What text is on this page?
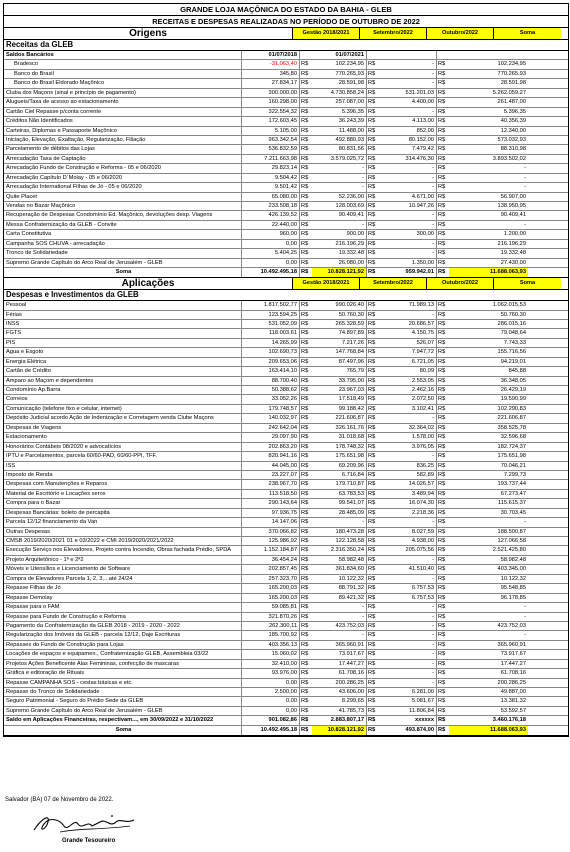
GRANDE LOJA MAÇÔNICA DO ESTADO DA BAHIA - GLEB
RECEITAS E DESPESAS REALIZADAS NO PERÍODO DE OUTUBRO DE 2022
Origens	Gestão 2018/2021	Setembro/2022	Outubro/2022	Soma
Receitas da GLEB
Saldos Bancários	01/07/2018	01/07/2021
Bradesco	-31.063,40 R$	102.234,95 R$	- R$	102.234,95
Banco do Brasil	345,80 R$	770.265,93 R$	- R$	770.265,93
Banco do Brasil Eldorado Maçônico	27.834,17 R$	28.591,98 R$	- R$	28.591,98
Cluba dos Maçons (sinal e princípio de pagamento)	300.000,00 R$	4.730.858,24 R$	531.201,03 R$	5.262.059,27
Alugueis/Taxa de acesso ao estacionamento	160.298,00 R$	257.087,00 R$	4.400,00 R$	261.487,00
Cartão Ciel Repasse p/conta corrente	322.554,32 R$	5.396,35 R$	- R$	5.396,35
Créditos Não Identificados	172.603,45 R$	36.243,39 R$	4.113,00 R$	40.356,39
Carteiras, Diplomas e Passaporte Maçônico	5.105,00 R$	11.488,00 R$	852,00 R$	12.340,00
Iniciação, Elevação, Exaltação, Regularização, Filiação	963.342,54 R$	492.880,93 R$	80.152,00 R$	573.032,93
Parcelamento de débitos das Lojas	536.832,59 R$	80.831,56 R$	7.479,42 R$	88.310,98
Arrecadação Taxa de Captação	7.211.663,98 R$	3.579.025,72 R$	314.476,30 R$	3.893.502,02
Arrecadação Fundo de Construção e Reforma - 05 e 06/2020	29.823,14 R$	- R$	- R$	-
Arrecadação Capítulo D´Molay - 05 e 06/2020	9.504,42 R$	- R$	- R$	-
Arrecadação International Filhas de Jó - 05 e 06/2020	9.501,42 R$	- R$	- R$	-
Quite Placet	65.080,00 R$	52.236,00 R$	4.671,00 R$	56.907,00
Vendas no Bazar Maçônico	233.508,18 R$	128.003,69 R$	10.947,26 R$	138.950,95
Recuperação de Despesas Condomínio Ed. Maçônico, devoluções desp. Viagens	426.139,52 R$	90.409,41 R$	- R$	90.409,41
Messa Confraternização da GLEB - Convite	22.440,00 R$	- R$	- R$	-
Carta Constitutiva	960,00 R$	900,00 R$	300,00 R$	1.200,00
Campanha SOS CHUVA - arrecadação	0,00 R$	216.196,29 R$	- R$	216.196,29
Tronco de Solidariedade	5.404,25 R$	19.332,48 R$	- R$	19.332,48
Supremo Grande Capítulo do Arco Real de Jerusalém - GLEB	0,00 R$	26.080,00 R$	1.350,00 R$	27.430,00
Soma	10.492.495,18 R$	10.828.121,92 R$	959.942,01 R$	11.688.063,93
Aplicações	Gestão 2018/2021	Setembro/2022	Outubro/2022	Soma
Despesas e Investimentos da GLEB
Pessoal	1.817.502,77 R$	990.026,40 R$	71.989,13 R$	1.062.015,53
Férias	123.594,25 R$	50.760,30 R$	- R$	50.760,30
INSS	531.052,09 R$	265.328,59 R$	20.686,57 R$	286.015,16
FGTS	118.003,61 R$	74.897,89 R$	4.150,75 R$	79.048,64
PIS	14.265,99 R$	7.217,26 R$	526,07 R$	7.743,33
Agua e Esgoto	102.690,73 R$	147.768,84 R$	7.947,72 R$	155.716,56
Energia Elétrica	209.653,06 R$	87.497,96 R$	6.721,05 R$	94.219,01
Cartão de Crédito	163.414,10 R$	765,79 R$	80,09 R$	845,88
Amparo ao Maçom e dependentes	88.700,40 R$	33.795,00 R$	2.553,05 R$	36.348,05
Condomínio Ap.Barra	50.388,62 R$	23.967,03 R$	2.462,16 R$	26.429,19
Correios	33.052,26 R$	17.518,49 R$	2.072,50 R$	19.590,99
Comunicação (telefone fixo e celular, internet)	179.748,57 R$	99.188,42 R$	3.102,41 R$	102.290,83
Depósito Judicial acordo Ação de Indenização e Corretagem venda Clube Maçons	140.032,97 R$	221.606,87 R$	- R$	221.606,87
Despesas de Viagens	242.642,04 R$	326.161,76 R$	32.364,02 R$	358.525,78
Estacionamento	29.097,90 R$	31.018,68 R$	1.578,00 R$	32.596,68
Honorários Contábeis 08/2020 e advocatícios	202.863,20 R$	178.748,32 R$	3.976,05 R$	182.724,37
IPTU e Parcelamentos, parcela 60/60-PAD, 60/60-PPI, TFF.	820.941,16 R$	175.651,98 R$	- R$	175.651,98
ISS	44.045,00 R$	69.209,96 R$	836,25 R$	70.046,21
Imposto de Renda	23.227,07 R$	6.716,84 R$	582,89 R$	7.299,73
Despesas com Manutenções e Reparos	238.967,70 R$	179.710,87 R$	14.026,57 R$	193.737,44
Material de Escritório e Locações xerox	113.518,50 R$	63.783,53 R$	3.489,94 R$	67.273,47
Compra para o Bazar	290.143,64 R$	99.541,07 R$	16.074,30 R$	115.615,37
Despesas Bancárias: boleto de percapita	97.936,75 R$	28.485,09 R$	2.218,36 R$	30.703,45
Parcela 12/12 financiamento da Van	14.147,06 R$	- R$	- R$	-
Outras Despesas	370.066,82 R$	180.473,28 R$	8.027,59 R$	188.500,87
CMSB 2019/2020/2021 01 e 03/2022 e CMI 2019/2020/2021/2022	125.986,92 R$	122.128,58 R$	4.938,00 R$	127.066,58
Execução Serviço nos Elevadores, Projeto contra Incendio, Obras fachada Prédio, SPDA	1.152.184,87 R$	2.316.350,24 R$	205.075,56 R$	2.521.425,80
Projeto Arquitetônico - 1ª e 2ª2	36.454,24 R$	58.982,48 R$	- R$	58.982,48
Móveis e Utensílios e Licenciamento de Software	202.857,45 R$	361.834,60 R$	41.510,40 R$	403.345,00
Compra de Elevadores Parcela 1, 2, 3,.. até 24/24	257.323,70 R$	10.122,32 R$	- R$	10.122,32
Repasse Filhas de Jó	165.200,03 R$	88.791,32 R$	6.757,53 R$	95.548,85
Repasse Demolay	165.200,03 R$	89.421,32 R$	6.757,53 R$	96.178,85
Repasse para o FAM	59.085,81 R$	- R$	- R$	-
Repasse para Fundo de Construção e Reforma	321.870,26 R$	- R$	- R$	-
Pagamento da Confraternização da GLEB 2018 - 2019 - 2020 - 2022	262.300,11 R$	423.752,03 R$	- R$	423.752,03
Regularização dos Imóveis da GLEB - parcela 12/12, Daje Escrituras	185.700,92 R$	- R$	- R$	-
Repasses do Fundo de Construção para Lojas	403.356,13 R$	365.960,91 R$	- R$	365.960,91
Locações de espaços e equipamen., Confraternização GLEB, Assembleia 03/22	15.060,02 R$	73.917,67 R$	- R$	73.917,67
Projetos Ações Beneficente Alas Femininas, confecção de mascaras	32.410,00 R$	17.447,27 R$	- R$	17.447,27
Gráfica e editoração de Rituais	93.976,00 R$	61.708,16 R$	- R$	61.708,16
Repasse CAMPANHA SOS - cestas básicas e etc.	0,00 R$	200.286,25 R$	- R$	200.286,25
Repasse do Tronco de Solidariedade	2.500,00 R$	43.606,00 R$	6.281,00 R$	49.887,00
Seguro Patrimonial - Seguro do Prédio Sede da GLEB	0,00 R$	8.299,65 R$	5.081,67 R$	13.381,32
Supremo Grande Capítulo do Arco Real de Jerusalém - GLEB	0,00 R$	41.785,73 R$	11.806,84 R$	53.592,57
Saldo em Aplicações Financeiras, respectivam..., em 30/09/2022 e 31/10/2022	901.082,86 R$	2.883.807,17 R$	xxxxxx R$	3.460.176,18
Soma	10.492.495,18 R$	10.828.121,92 R$	493.874,00 R$	11.688.063,93
Salvador (BA) 07 de Novembro de 2022.
Grande Tesoureiro
